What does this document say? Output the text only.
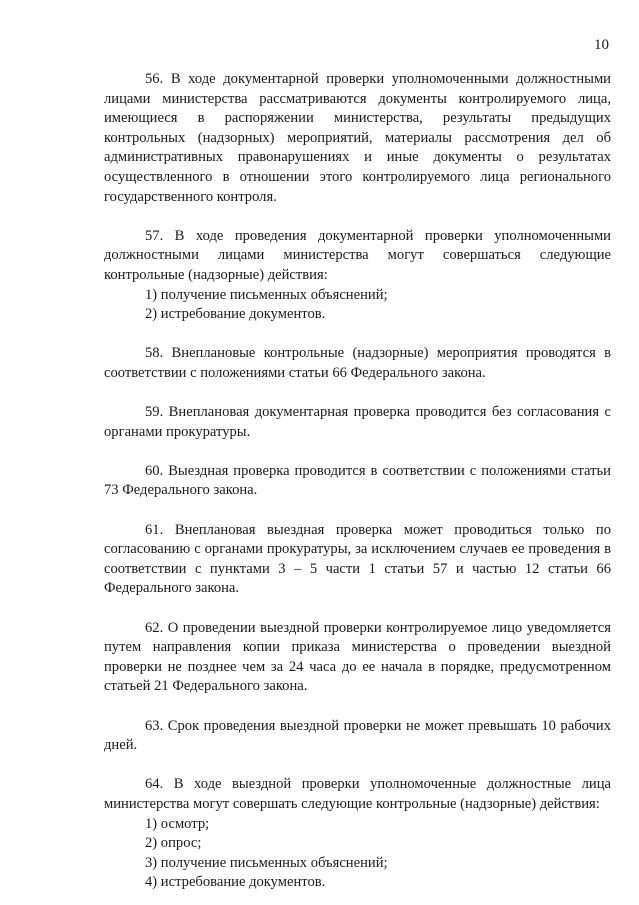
10

56. В ходе документарной проверки уполномоченными должностными лицами министерства рассматриваются документы контролируемого лица, имеющиеся в распоряжении министерства, результаты предыдущих контрольных (надзорных) мероприятий, материалы рассмотрения дел об административных правонарушениях и иные документы о результатах осуществленного в отношении этого контролируемого лица регионального государственного контроля.

57. В ходе проведения документарной проверки уполномоченными должностными лицами министерства могут совершаться следующие контрольные (надзорные) действия:

1) получение письменных объяснений;

2) истребование документов.

58. Внеплановые контрольные (надзорные) мероприятия проводятся в соответствии с положениями статьи 66 Федерального закона.

59. Внеплановая документарная проверка проводится без согласования с органами прокуратуры.

60. Выездная проверка проводится в соответствии с положениями статьи 73 Федерального закона.

61. Внеплановая выездная проверка может проводиться только по согласованию с органами прокуратуры, за исключением случаев ее проведения в соответствии с пунктами 3 – 5 части 1 статьи 57 и частью 12 статьи 66 Федерального закона.

62. О проведении выездной проверки контролируемое лицо уведомляется путем направления копии приказа министерства о проведении выездной проверки не позднее чем за 24 часа до ее начала в порядке, предусмотренном статьей 21 Федерального закона.

63. Срок проведения выездной проверки не может превышать 10 рабочих дней.

64. В ходе выездной проверки уполномоченные должностные лица министерства могут совершать следующие контрольные (надзорные) действия:

1) осмотр;

2) опрос;

3) получение письменных объяснений;

4) истребование документов.
